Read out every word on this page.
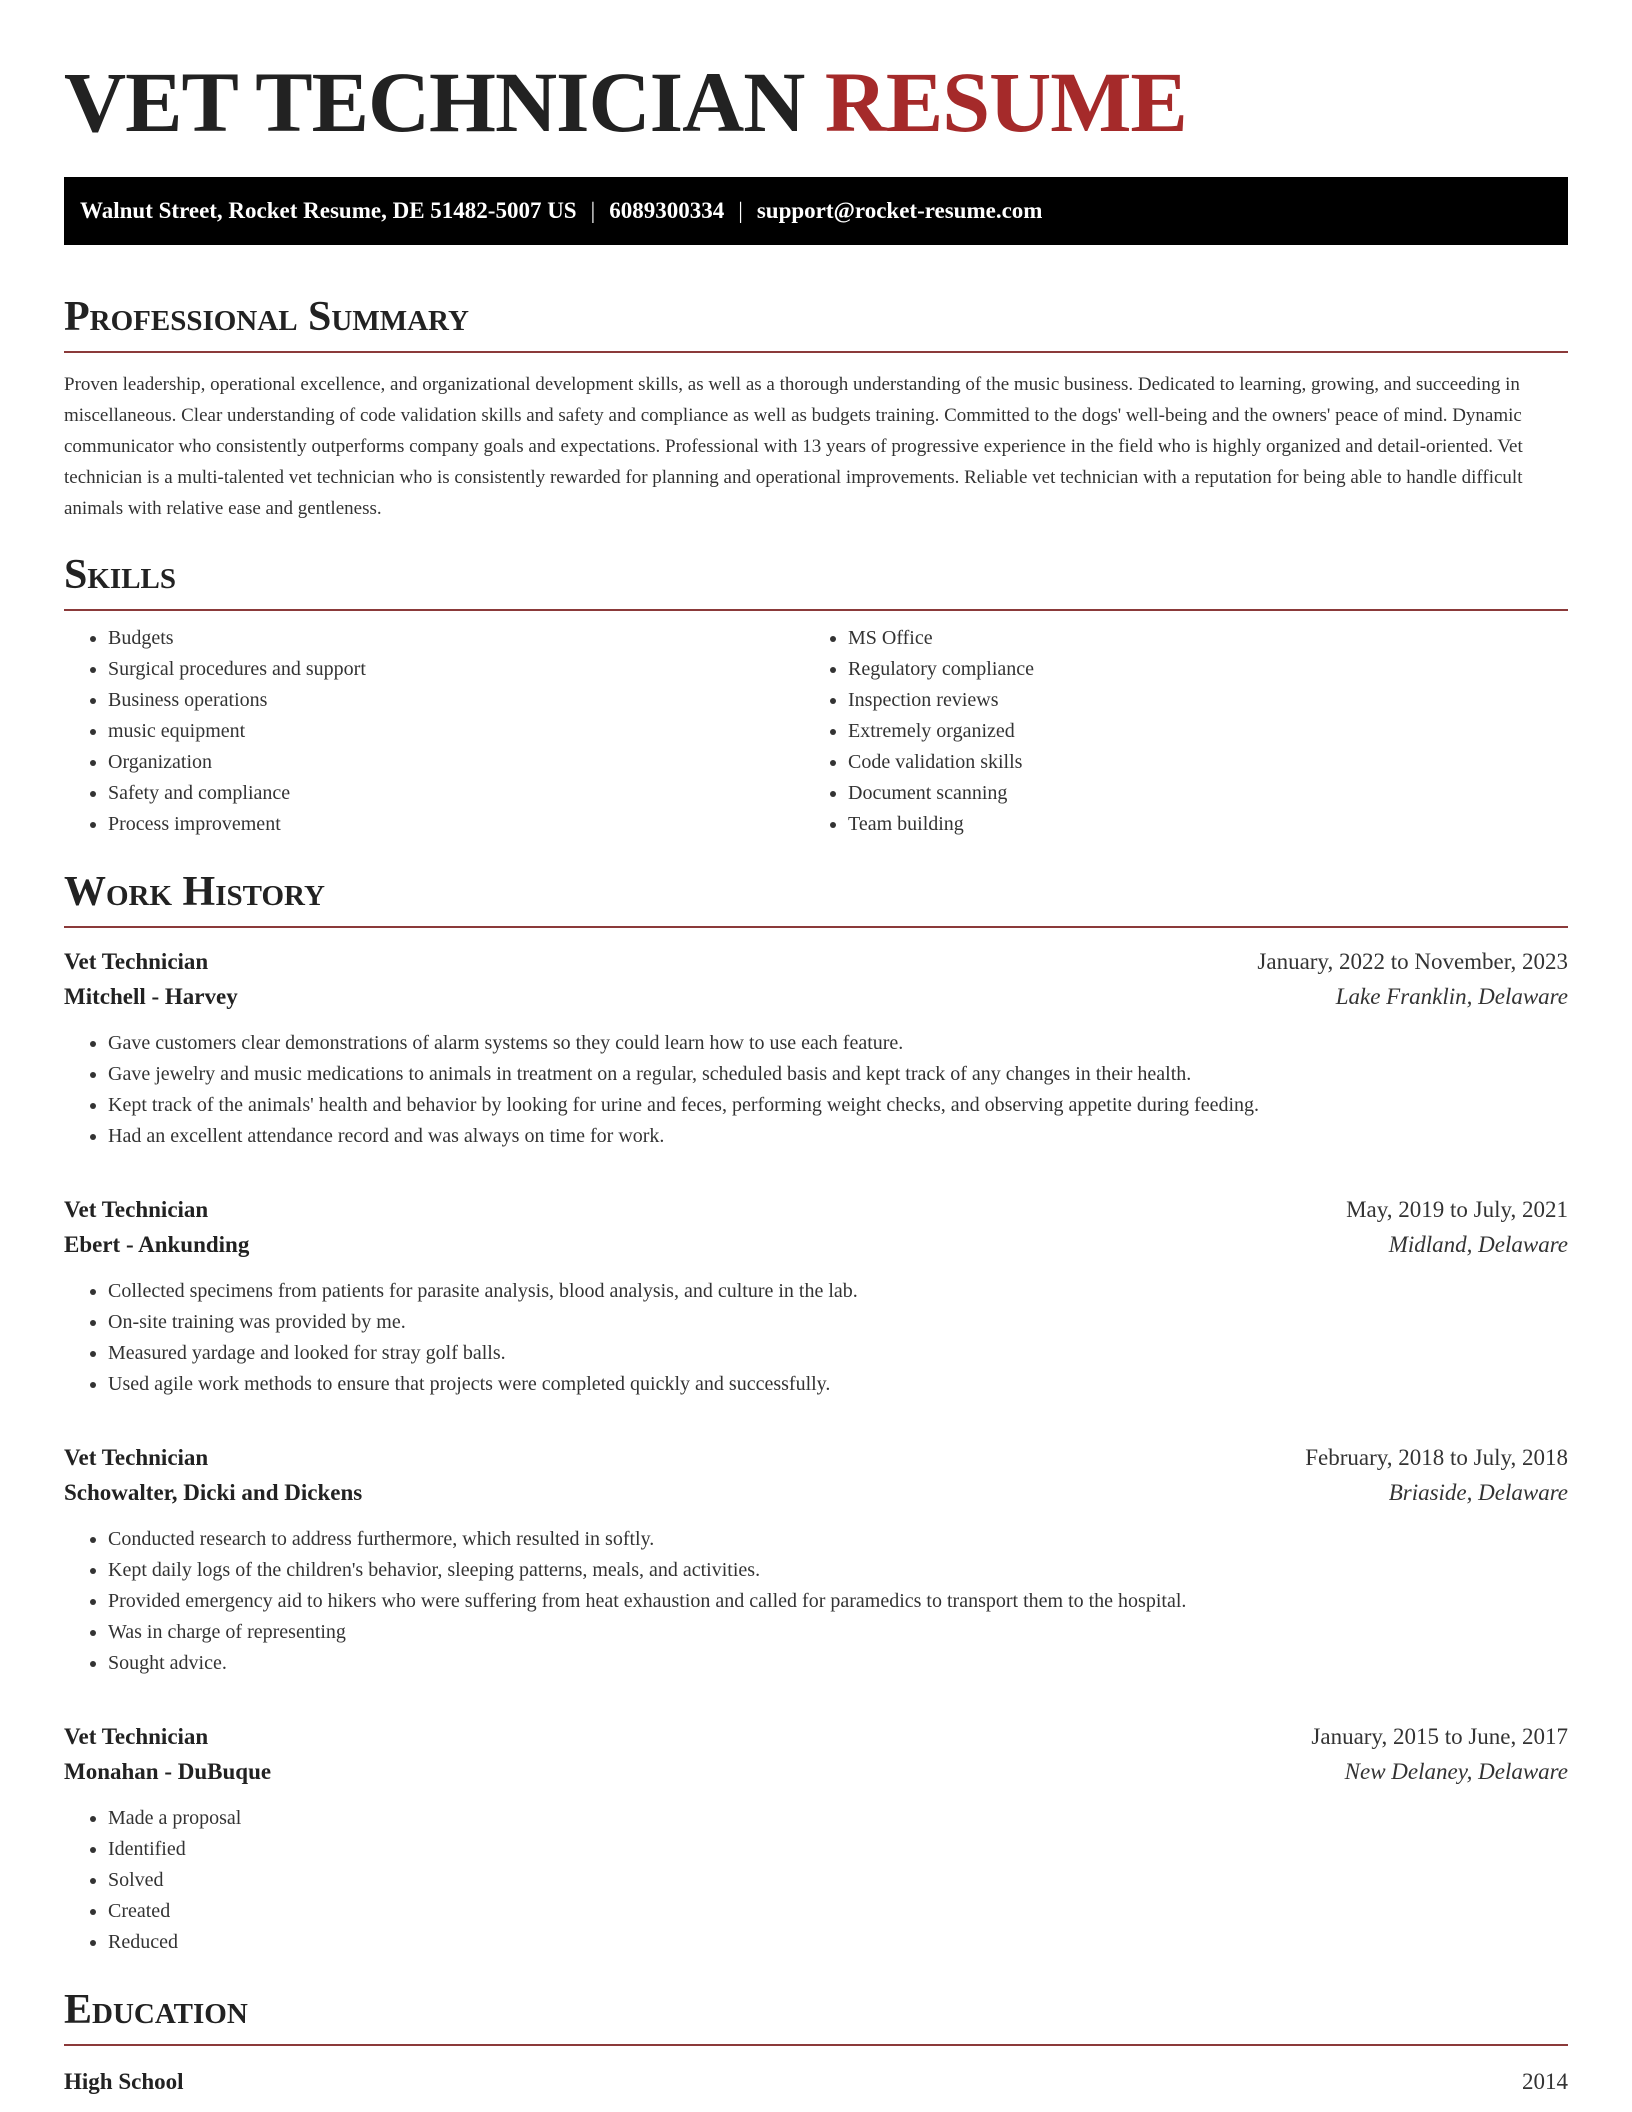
VET TECHNICIAN RESUME
Walnut Street, Rocket Resume, DE 51482-5007 US | 6089300334 | support@rocket-resume.com
Professional Summary

Proven leadership, operational excellence, and organizational development skills, as well as a thorough understanding of the music business. Dedicated to learning, growing, and succeeding in miscellaneous. Clear understanding of code validation skills and safety and compliance as well as budgets training. Committed to the dogs' well-being and the owners' peace of mind. Dynamic communicator who consistently outperforms company goals and expectations. Professional with 13 years of progressive experience in the field who is highly organized and detail-oriented. Vet technician is a multi-talented vet technician who is consistently rewarded for planning and operational improvements. Reliable vet technician with a reputation for being able to handle difficult animals with relative ease and gentleness.

Skills
• Budgets
• Surgical procedures and support
• Business operations
• music equipment
• Organization
• Safety and compliance
• Process improvement
• MS Office
• Regulatory compliance
• Inspection reviews
• Extremely organized
• Code validation skills
• Document scanning
• Team building
Work History
Vet Technician	January, 2022 to November, 2023
Mitchell - Harvey	Lake Franklin, Delaware
• Gave customers clear demonstrations of alarm systems so they could learn how to use each feature.
• Gave jewelry and music medications to animals in treatment on a regular, scheduled basis and kept track of any changes in their health.
• Kept track of the animals' health and behavior by looking for urine and feces, performing weight checks, and observing appetite during feeding.
• Had an excellent attendance record and was always on time for work.
Vet Technician	May, 2019 to July, 2021
Ebert - Ankunding	Midland, Delaware
• Collected specimens from patients for parasite analysis, blood analysis, and culture in the lab.
• On-site training was provided by me.
• Measured yardage and looked for stray golf balls.
• Used agile work methods to ensure that projects were completed quickly and successfully.
Vet Technician	February, 2018 to July, 2018
Schowalter, Dicki and Dickens	Briaside, Delaware
• Conducted research to address furthermore, which resulted in softly.
• Kept daily logs of the children's behavior, sleeping patterns, meals, and activities.
• Provided emergency aid to hikers who were suffering from heat exhaustion and called for paramedics to transport them to the hospital.
• Was in charge of representing
• Sought advice.
Vet Technician	January, 2015 to June, 2017
Monahan - DuBuque	New Delaney, Delaware
• Made a proposal
• Identified
• Solved
• Created
• Reduced
Education
High School	2014
